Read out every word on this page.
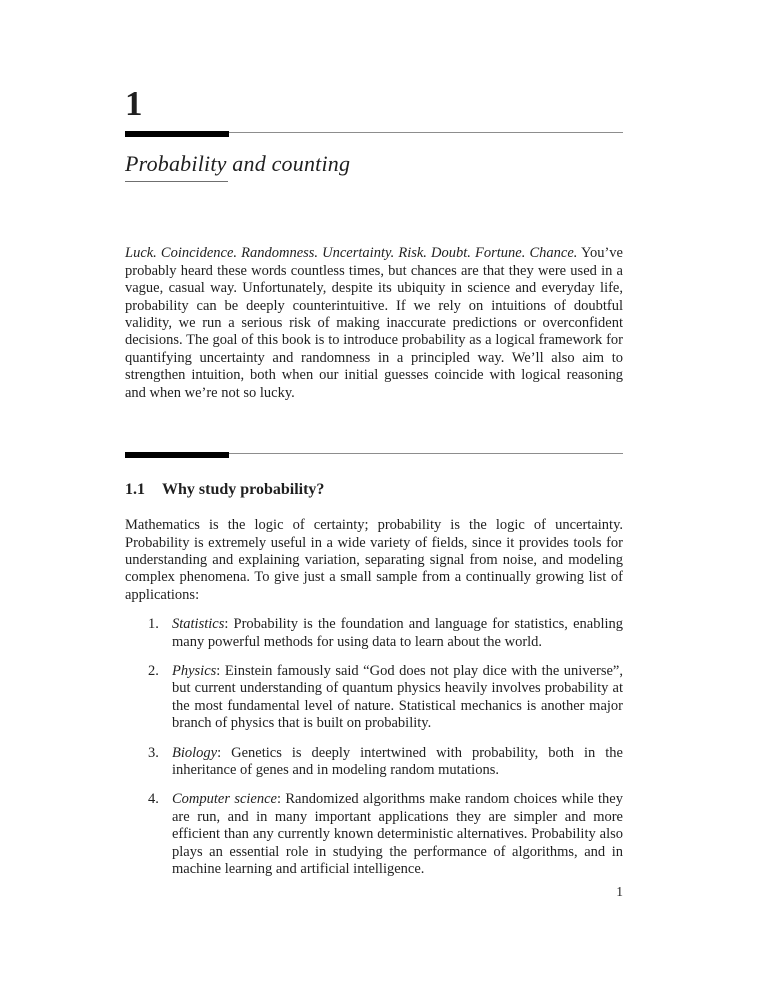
1
Probability and counting

Luck. Coincidence. Randomness. Uncertainty. Risk. Doubt. Fortune. Chance. You’ve probably heard these words countless times, but chances are that they were used in a vague, casual way. Unfortunately, despite its ubiquity in science and everyday life, probability can be deeply counterintuitive. If we rely on intuitions of doubtful validity, we run a serious risk of making inaccurate predictions or overconfident decisions. The goal of this book is to introduce probability as a logical framework for quantifying uncertainty and randomness in a principled way. We’ll also aim to strengthen intuition, both when our initial guesses coincide with logical reasoning and when we’re not so lucky.

1.1 Why study probability?

Mathematics is the logic of certainty; probability is the logic of uncertainty. Probability is extremely useful in a wide variety of fields, since it provides tools for understanding and explaining variation, separating signal from noise, and modeling complex phenomena. To give just a small sample from a continually growing list of applications:

1. Statistics: Probability is the foundation and language for statistics, enabling many powerful methods for using data to learn about the world.
2. Physics: Einstein famously said “God does not play dice with the universe”, but current understanding of quantum physics heavily involves probability at the most fundamental level of nature. Statistical mechanics is another major branch of physics that is built on probability.
3. Biology: Genetics is deeply intertwined with probability, both in the inheritance of genes and in modeling random mutations.
4. Computer science: Randomized algorithms make random choices while they are run, and in many important applications they are simpler and more efficient than any currently known deterministic alternatives. Probability also plays an essential role in studying the performance of algorithms, and in machine learning and artificial intelligence.
1
